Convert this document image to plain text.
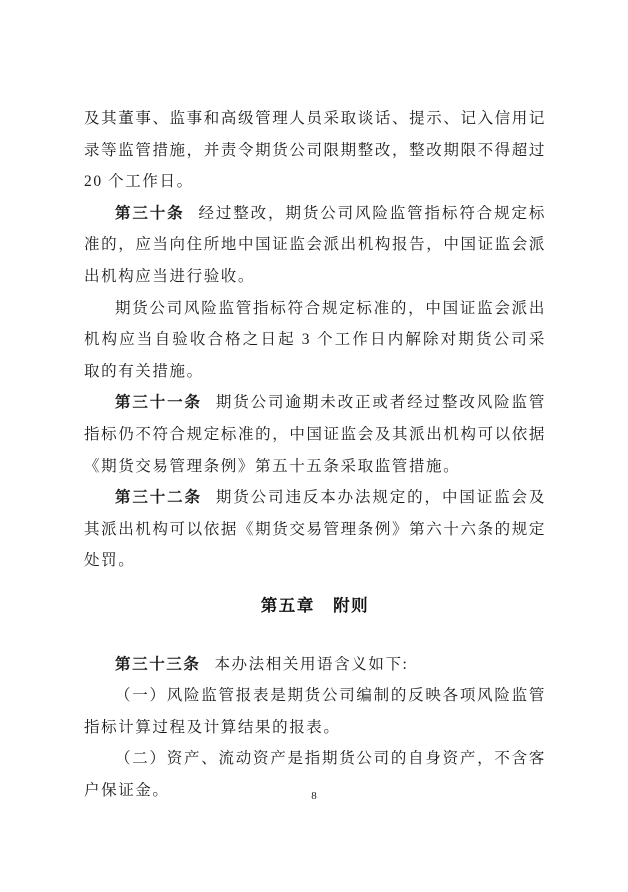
及其董事、监事和高级管理人员采取谈话、提示、记入信用记录等监管措施，并责令期货公司限期整改，整改期限不得超过 20 个工作日。

第三十条 经过整改，期货公司风险监管指标符合规定标准的，应当向住所地中国证监会派出机构报告，中国证监会派出机构应当进行验收。

期货公司风险监管指标符合规定标准的，中国证监会派出机构应当自验收合格之日起 3 个工作日内解除对期货公司采取的有关措施。

第三十一条 期货公司逾期未改正或者经过整改风险监管指标仍不符合规定标准的，中国证监会及其派出机构可以依据《期货交易管理条例》第五十五条采取监管措施。

第三十二条 期货公司违反本办法规定的，中国证监会及其派出机构可以依据《期货交易管理条例》第六十六条的规定处罚。

第五章　附则

第三十三条 本办法相关用语含义如下:

（一）风险监管报表是期货公司编制的反映各项风险监管指标计算过程及计算结果的报表。

（二）资产、流动资产是指期货公司的自身资产，不含客户保证金。	8
